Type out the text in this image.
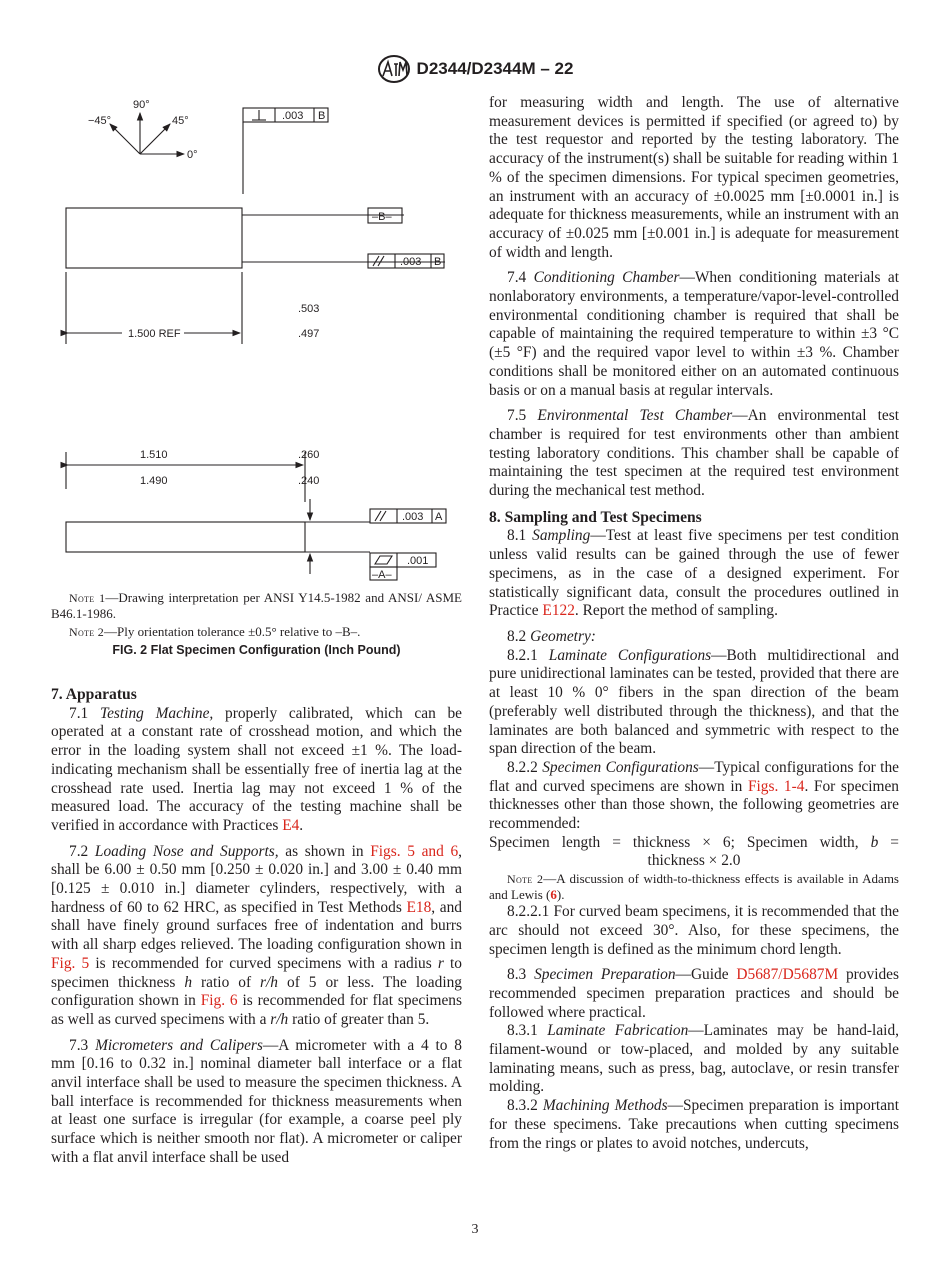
D2344/D2344M – 22
90°
−45°	45°
0°
.003 B
–B–
.003 B
.503
.497
1.500 REF
1.510
1.490
.260
.240
.003 A
.001
–A–

Note 1—Drawing interpretation per ANSI Y14.5-1982 and ANSI/ ASME B46.1-1986.

Note 2—Ply orientation tolerance ±0.5° relative to –B–.

FIG. 2 Flat Specimen Configuration (Inch Pound)

7. Apparatus

7.1 Testing Machine, properly calibrated, which can be operated at a constant rate of crosshead motion, and which the error in the loading system shall not exceed ±1 %. The load-indicating mechanism shall be essentially free of inertia lag at the crosshead rate used. Inertia lag may not exceed 1 % of the measured load. The accuracy of the testing machine shall be verified in accordance with Practices E4.

7.2 Loading Nose and Supports, as shown in Figs. 5 and 6, shall be 6.00 ± 0.50 mm [0.250 ± 0.020 in.] and 3.00 ± 0.40 mm [0.125 ± 0.010 in.] diameter cylinders, respectively, with a hardness of 60 to 62 HRC, as specified in Test Methods E18, and shall have finely ground surfaces free of indentation and burrs with all sharp edges relieved. The loading configuration shown in Fig. 5 is recommended for curved specimens with a radius r to specimen thickness h ratio of r/h of 5 or less. The loading configuration shown in Fig. 6 is recommended for flat specimens as well as curved specimens with a r/h ratio of greater than 5.

7.3 Micrometers and Calipers—A micrometer with a 4 to 8 mm [0.16 to 0.32 in.] nominal diameter ball interface or a flat anvil interface shall be used to measure the specimen thickness. A ball interface is recommended for thickness measurements when at least one surface is irregular (for example, a coarse peel ply surface which is neither smooth nor flat). A micrometer or caliper with a flat anvil interface shall be used

for measuring width and length. The use of alternative measurement devices is permitted if specified (or agreed to) by the test requestor and reported by the testing laboratory. The accuracy of the instrument(s) shall be suitable for reading within 1 % of the specimen dimensions. For typical specimen geometries, an instrument with an accuracy of ±0.0025 mm [±0.0001 in.] is adequate for thickness measurements, while an instrument with an accuracy of ±0.025 mm [±0.001 in.] is adequate for measurement of width and length.

7.4 Conditioning Chamber—When conditioning materials at nonlaboratory environments, a temperature/vapor-level-controlled environmental conditioning chamber is required that shall be capable of maintaining the required temperature to within ±3 °C (±5 °F) and the required vapor level to within ±3 %. Chamber conditions shall be monitored either on an automated continuous basis or on a manual basis at regular intervals.

7.5 Environmental Test Chamber—An environmental test chamber is required for test environments other than ambient testing laboratory conditions. This chamber shall be capable of maintaining the test specimen at the required test environment during the mechanical test method.

8. Sampling and Test Specimens

8.1 Sampling—Test at least five specimens per test condition unless valid results can be gained through the use of fewer specimens, as in the case of a designed experiment. For statistically significant data, consult the procedures outlined in Practice E122. Report the method of sampling.

8.2 Geometry:

8.2.1 Laminate Configurations—Both multidirectional and pure unidirectional laminates can be tested, provided that there are at least 10 % 0° fibers in the span direction of the beam (preferably well distributed through the thickness), and that the laminates are both balanced and symmetric with respect to the span direction of the beam.

8.2.2 Specimen Configurations—Typical configurations for the flat and curved specimens are shown in Figs. 1-4. For specimen thicknesses other than those shown, the following geometries are recommended:

Specimen length = thickness × 6; Specimen width, b =
thickness × 2.0

Note 2—A discussion of width-to-thickness effects is available in Adams and Lewis (6).

8.2.2.1 For curved beam specimens, it is recommended that the arc should not exceed 30°. Also, for these specimens, the specimen length is defined as the minimum chord length.

8.3 Specimen Preparation—Guide D5687/D5687M provides recommended specimen preparation practices and should be followed where practical.

8.3.1 Laminate Fabrication—Laminates may be hand-laid, filament-wound or tow-placed, and molded by any suitable laminating means, such as press, bag, autoclave, or resin transfer molding.

8.3.2 Machining Methods—Specimen preparation is important for these specimens. Take precautions when cutting specimens from the rings or plates to avoid notches, undercuts,

3
